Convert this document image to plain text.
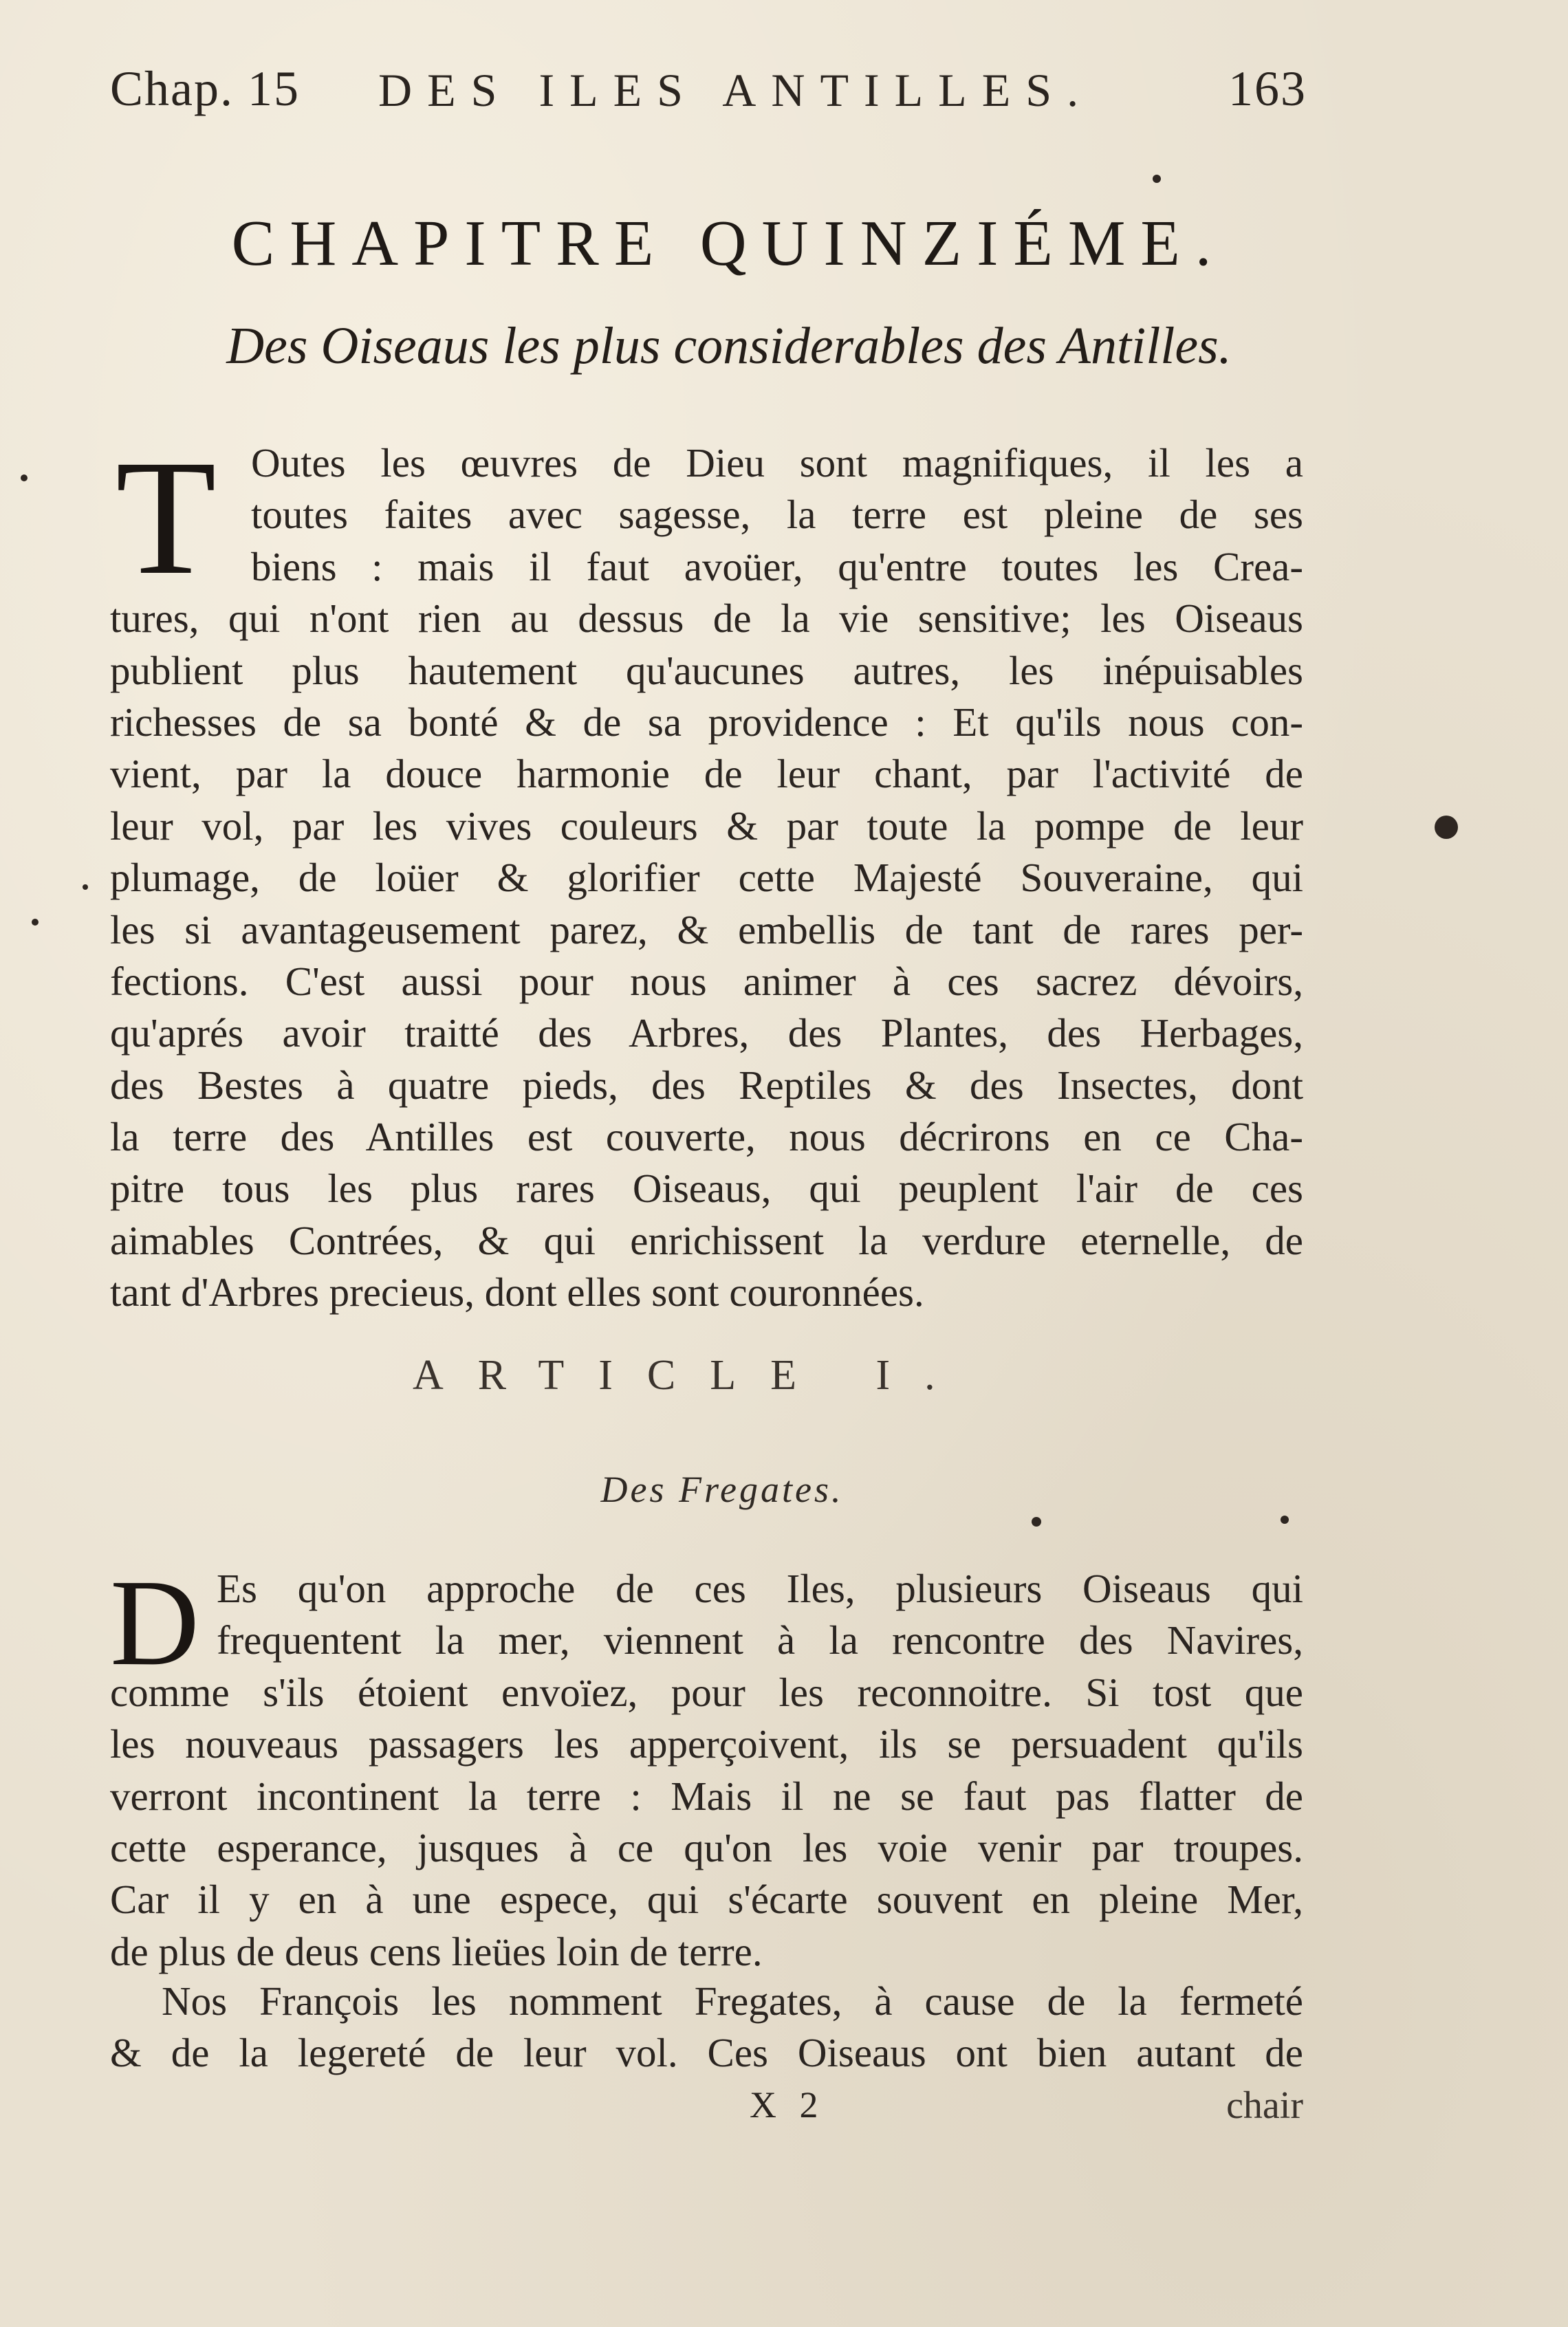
Chap. 15 DES ILES ANTILLES.	163
CHAPITRE QUINZIÉME.
Des Oiseaus les plus considerables des Antilles.
T Outes les œuvres de Dieu sont magnifiques, il les a
toutes faites avec sagesse, la terre est pleine de ses
biens : mais il faut avoüer, qu'entre toutes les Crea-
tures, qui n'ont rien au dessus de la vie sensitive; les Oiseaus
publient plus hautement qu'aucunes autres, les inépuisables
richesses de sa bonté & de sa providence : Et qu'ils nous con-
vient, par la douce harmonie de leur chant, par l'activité de
leur vol, par les vives couleurs & par toute la pompe de leur
plumage, de loüer & glorifier cette Majesté Souveraine, qui
les si avantageusement parez, & embellis de tant de rares per-
fections. C'est aussi pour nous animer à ces sacrez dévoirs,
qu'aprés avoir traitté des Arbres, des Plantes, des Herbages,
des Bestes à quatre pieds, des Reptiles & des Insectes, dont
la terre des Antilles est couverte, nous décrirons en ce Cha-
pitre tous les plus rares Oiseaus, qui peuplent l'air de ces
aimables Contrées, & qui enrichissent la verdure eternelle, de
tant d'Arbres precieus, dont elles sont couronnées.
ARTICLE I.
Des Fregates.
D Es qu'on approche de ces Iles, plusieurs Oiseaus qui
frequentent la mer, viennent à la rencontre des Navires,
comme s'ils étoient envoïez, pour les reconnoitre. Si tost que
les nouveaus passagers les apperçoivent, ils se persuadent qu'ils
verront incontinent la terre : Mais il ne se faut pas flatter de
cette esperance, jusques à ce qu'on les voie venir par troupes.
Car il y en à une espece, qui s'écarte souvent en pleine Mer,
de plus de deus cens lieües loin de terre.
Nos François les nomment Fregates, à cause de la fermeté
& de la legereté de leur vol. Ces Oiseaus ont bien autant de
X 2	chair
